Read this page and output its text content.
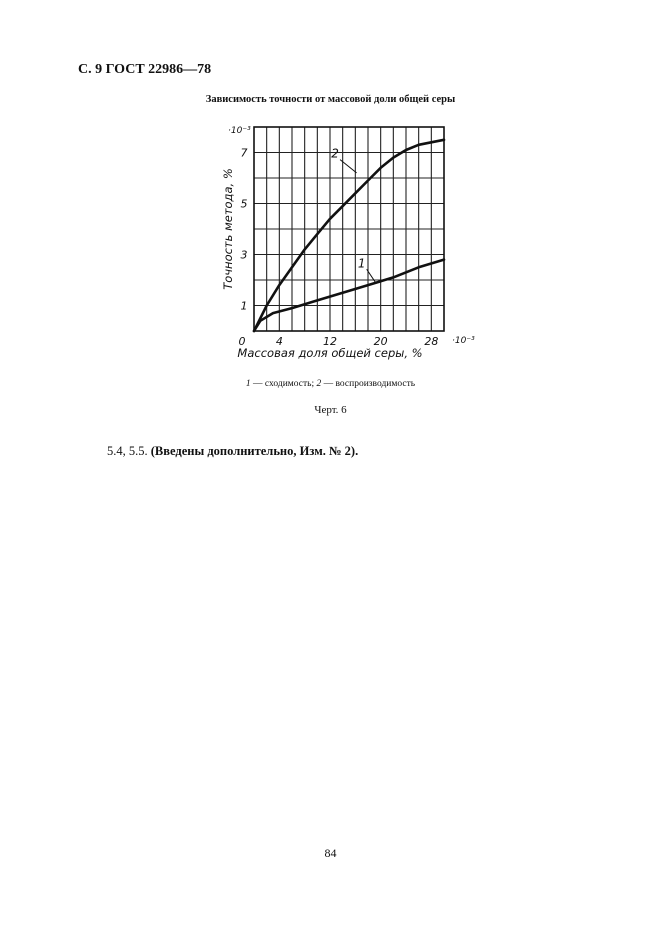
С. 9 ГОСТ 22986—78
Зависимость точности от массовой доли общей серы
0	4	12	20	28
1
3
5
7
·10⁻³
·10⁻³
Массовая доля общей серы, %
Точность метода, %	1
2
1 — сходимость; 2 — воспроизводимость
Черт. 6
5.4, 5.5. (Введены дополнительно, Изм. № 2).
84
